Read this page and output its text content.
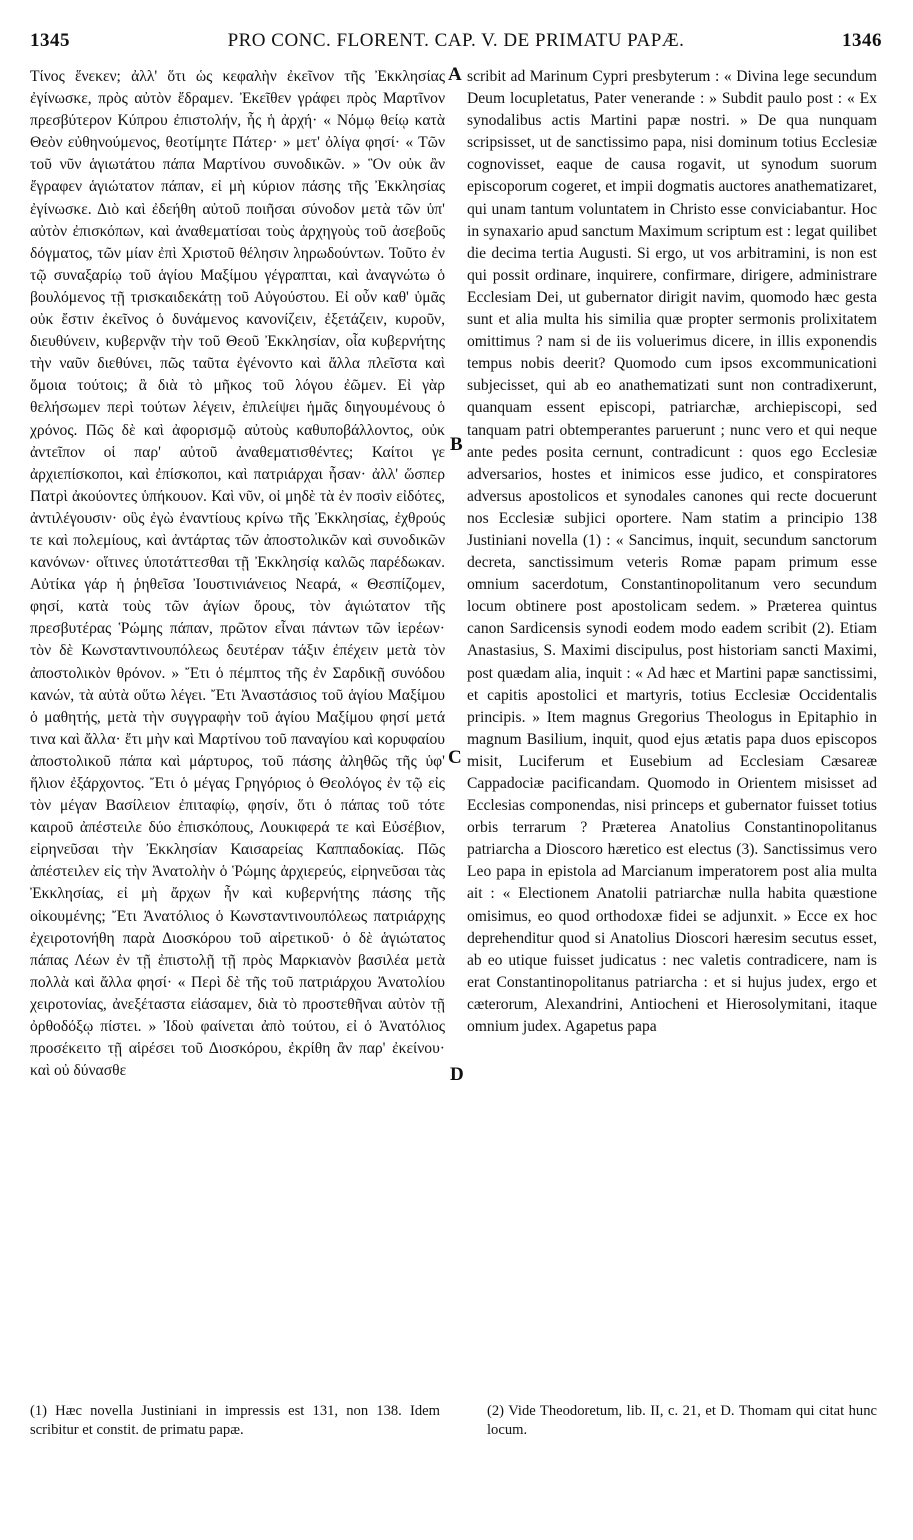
1345	PRO CONC. FLORENT. CAP. V. DE PRIMATU PAPÆ.	1346

Τίνος ἕνεκεν; ἀλλ' ὅτι ὡς κεφαλὴν ἐκεῖνον τῆς Ἐκκλησίας ἐγίνωσκε, πρὸς αὐτὸν ἔδραμεν. Ἐκεῖθεν γράφει πρὸς Μαρτῖνον πρεσβύτερον Κύπρου ἐπιστολήν, ἧς ἡ ἀρχή· « Νόμῳ θείῳ κατὰ Θεὸν εὐθηνούμενος, θεοτίμητε Πάτερ· » μετ' ὀλίγα φησί· « Τῶν τοῦ νῦν ἁγιωτάτου πάπα Μαρτίνου συνοδικῶν. » Ὃν οὐκ ἂν ἔγραφεν ἁγιώτατον πάπαν, εἰ μὴ κύριον πάσης τῆς Ἐκκλησίας ἐγίνωσκε. Διὸ καὶ ἐδεήθη αὐτοῦ ποιῆσαι σύνοδον μετὰ τῶν ὑπ' αὐτὸν ἐπισκόπων, καὶ ἀναθεματίσαι τοὺς ἀρχηγοὺς τοῦ ἀσεβοῦς δόγματος, τῶν μίαν ἐπὶ Χριστοῦ θέλησιν ληρωδούντων. Τοῦτο ἐν τῷ συναξαρίῳ τοῦ ἁγίου Μαξίμου γέγραπται, καὶ ἀναγνώτω ὁ βουλόμενος τῇ τρισκαιδεκάτῃ τοῦ Αὐγούστου. Εἰ οὖν καθ' ὑμᾶς οὐκ ἔστιν ἐκεῖνος ὁ δυνάμενος κανονίζειν, ἐξετάζειν, κυροῦν, διευθύνειν, κυβερνᾷν τὴν τοῦ Θεοῦ Ἐκκλησίαν, οἷα κυβερνήτης τὴν ναῦν διεθύνει, πῶς ταῦτα ἐγένοντο καὶ ἄλλα πλεῖστα καὶ ὅμοια τούτοις; ἃ διὰ τὸ μῆκος τοῦ λόγου ἐῶμεν. Εἰ γὰρ θελήσωμεν περὶ τούτων λέγειν, ἐπιλείψει ἡμᾶς διηγουμένους ὁ χρόνος. Πῶς δὲ καὶ ἀφορισμῷ αὐτοὺς καθυποβάλλοντος, οὐκ ἀντεῖπον οἱ παρ' αὐτοῦ ἀναθεματισθέντες; Καίτοι γε ἀρχιεπίσκοποι, καὶ ἐπίσκοποι, καὶ πατριάρχαι ἦσαν· ἀλλ' ὥσπερ Πατρὶ ἀκούοντες ὑπήκουον. Καὶ νῦν, οἱ μηδὲ τὰ ἐν ποσὶν εἰδότες, ἀντιλέγουσιν· οὓς ἐγὼ ἐναντίους κρίνω τῆς Ἐκκλησίας, ἐχθρούς τε καὶ πολεμίους, καὶ ἀντάρτας τῶν ἀποστολικῶν καὶ συνοδικῶν κανόνων· οἵτινες ὑποτάττεσθαι τῇ Ἐκκλησίᾳ καλῶς παρέδωκαν. Αὐτίκα γάρ ἡ ῥηθεῖσα Ἰουστινιάνειος Νεαρά, « Θεσπίζομεν, φησί, κατὰ τοὺς τῶν ἁγίων ὅρους, τὸν ἁγιώτατον τῆς πρεσβυτέρας Ῥώμης πάπαν, πρῶτον εἶναι πάντων τῶν ἱερέων· τὸν δὲ Κωνσταντινουπόλεως δευτέραν τάξιν ἐπέχειν μετὰ τὸν ἀποστολικὸν θρόνον. » Ἔτι ὁ πέμπτος τῆς ἐν Σαρδικῇ συνόδου κανών, τὰ αὐτὰ οὕτω λέγει. Ἔτι Ἀναστάσιος τοῦ ἁγίου Μαξίμου ὁ μαθητής, μετὰ τὴν συγγραφὴν τοῦ ἁγίου Μαξίμου φησί μετά τινα καὶ ἄλλα· ἔτι μὴν καὶ Μαρτίνου τοῦ παναγίου καὶ κορυφαίου ἀποστολικοῦ πάπα καὶ μάρτυρος, τοῦ πάσης ἀληθῶς τῆς ὑφ' ἥλιον ἐξάρχοντος. Ἔτι ὁ μέγας Γρηγόριος ὁ Θεολόγος ἐν τῷ εἰς τὸν μέγαν Βασίλειον ἐπιταφίῳ, φησίν, ὅτι ὁ πάπας τοῦ τότε καιροῦ ἀπέστειλε δύο ἐπισκόπους, Λουκιφερά τε καὶ Εὐσέβιον, εἰρηνεῦσαι τὴν Ἐκκλησίαν Καισαρείας Καππαδοκίας. Πῶς ἀπέστειλεν εἰς τὴν Ἀνατολὴν ὁ Ῥώμης ἀρχιερεύς, εἰρηνεῦσαι τὰς Ἐκκλησίας, εἰ μὴ ἄρχων ἦν καὶ κυβερνήτης πάσης τῆς οἰκουμένης; Ἔτι Ἀνατόλιος ὁ Κωνσταντινουπόλεως πατριάρχης ἐχειροτονήθη παρὰ Διοσκόρου τοῦ αἱρετικοῦ· ὁ δὲ ἁγιώτατος πάπας Λέων ἐν τῇ ἐπιστολῇ τῇ πρὸς Μαρκιανὸν βασιλέα μετὰ πολλὰ καὶ ἄλλα φησί· « Περὶ δὲ τῆς τοῦ πατριάρχου Ἀνατολίου χειροτονίας, ἀνεξέταστα εἰάσαμεν, διὰ τὸ προστεθῆναι αὐτὸν τῇ ὀρθοδόξῳ πίστει. » Ἰδοὺ φαίνεται ἀπὸ τούτου, εἰ ὁ Ἀνατόλιος προσέκειτο τῇ αἱρέσει τοῦ Διοσκόρου, ἐκρίθη ἂν παρ' ἐκείνου· καὶ οὐ δύνασθε

A
B
C
D

scribit ad Marinum Cypri presbyterum : « Divina lege secundum Deum locupletatus, Pater venerande : » Subdit paulo post : « Ex synodalibus actis Martini papæ nostri. » De qua nunquam scripsisset, ut de sanctissimo papa, nisi dominum totius Ecclesiæ cognovisset, eaque de causa rogavit, ut synodum suorum episcoporum cogeret, et impii dogmatis auctores anathematizaret, qui unam tantum voluntatem in Christo esse conviciabantur. Hoc in synaxario apud sanctum Maximum scriptum est : legat quilibet die decima tertia Augusti. Si ergo, ut vos arbitramini, is non est qui possit ordinare, inquirere, confirmare, dirigere, administrare Ecclesiam Dei, ut gubernator dirigit navim, quomodo hæc gesta sunt et alia multa his similia quæ propter sermonis prolixitatem omittimus ? nam si de iis voluerimus dicere, in illis exponendis tempus nobis deerit? Quomodo cum ipsos excommunicationi subjecisset, qui ab eo anathematizati sunt non contradixerunt, quanquam essent episcopi, patriarchæ, archiepiscopi, sed tanquam patri obtemperantes paruerunt ; nunc vero et qui neque ante pedes posita cernunt, contradicunt : quos ego Ecclesiæ adversarios, hostes et inimicos esse judico, et conspiratores adversus apostolicos et synodales canones qui recte docuerunt nos Ecclesiæ subjici oportere. Nam statim a principio 138 Justiniani novella (1) : « Sancimus, inquit, secundum sanctorum decreta, sanctissimum veteris Romæ papam primum esse omnium sacerdotum, Constantinopolitanum vero secundum locum obtinere post apostolicam sedem. » Præterea quintus canon Sardicensis synodi eodem modo eadem scribit (2). Etiam Anastasius, S. Maximi discipulus, post historiam sancti Maximi, post quædam alia, inquit : « Ad hæc et Martini papæ sanctissimi, et capitis apostolici et martyris, totius Ecclesiæ Occidentalis principis. » Item magnus Gregorius Theologus in Epitaphio in magnum Basilium, inquit, quod ejus ætatis papa duos episcopos misit, Luciferum et Eusebium ad Ecclesiam Cæsareæ Cappadociæ pacificandam. Quomodo in Orientem misisset ad Ecclesias componendas, nisi princeps et gubernator fuisset totius orbis terrarum ? Præterea Anatolius Constantinopolitanus patriarcha a Dioscoro hæretico est electus (3). Sanctissimus vero Leo papa in epistola ad Marcianum imperatorem post alia multa ait : « Electionem Anatolii patriarchæ nulla habita quæstione omisimus, eo quod orthodoxæ fidei se adjunxit. » Ecce ex hoc deprehenditur quod si Anatolius Dioscori hæresim secutus esset, ab eo utique fuisset judicatus : nec valetis contradicere, nam is erat Constantinopolitanus patriarcha : et si hujus judex, ergo et cæterorum, Alexandrini, Antiocheni et Hierosolymitani, itaque omnium judex. Agapetus papa

(1) Hæc novella Justiniani in impressis est 131, non 138. Idem scribitur et constit. de primatu papæ.

(2) Vide Theodoretum, lib. II, c. 21, et D. Thomam qui citat hunc locum.
